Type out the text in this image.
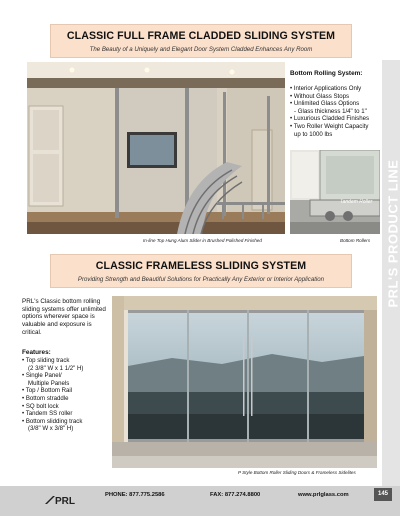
CLASSIC FULL FRAME CLADDED SLIDING SYSTEM
The Beauty of a Uniquely and Elegant Door System Cladded Enhances Any Room
Bottom Rolling System:
• Interior Applications Only
• Without Glass Stops
• Unlimited Glass Options
- Glass thickness 1/4" to 1"
• Luxurious Cladded Finishes
• Two Roller Weight Capacity
up to 1000 lbs
Tandem Roller
In-line Top Hung Alum Slider in Brushed Polished Finished	Bottom Rollers PRL'S PRODUCT LINE
CLASSIC FRAMELESS SLIDING SYSTEM
Providing Strength and Beautiful Solutions for Practically Any Exterior or Interior Application
PRL's Classic bottom rolling sliding systems offer unlimited options wherever space is valuable and exposure is critical.
Features:
• Top sliding track
(2 3/8" W x 1 1/2" H)
• Single Panel/
Multiple Panels
• Top / Bottom Rail
• Bottom straddle
• SQ bolt lock
• Tandem SS roller
• Bottom slidding track
(3/8" W x 3/8" H)
P Style Bottom Roller Sliding Doors & Frameless Sidelites
PRL
PHONE: 877.775.2586	FAX: 877.274.8800	www.prlglass.com	145
